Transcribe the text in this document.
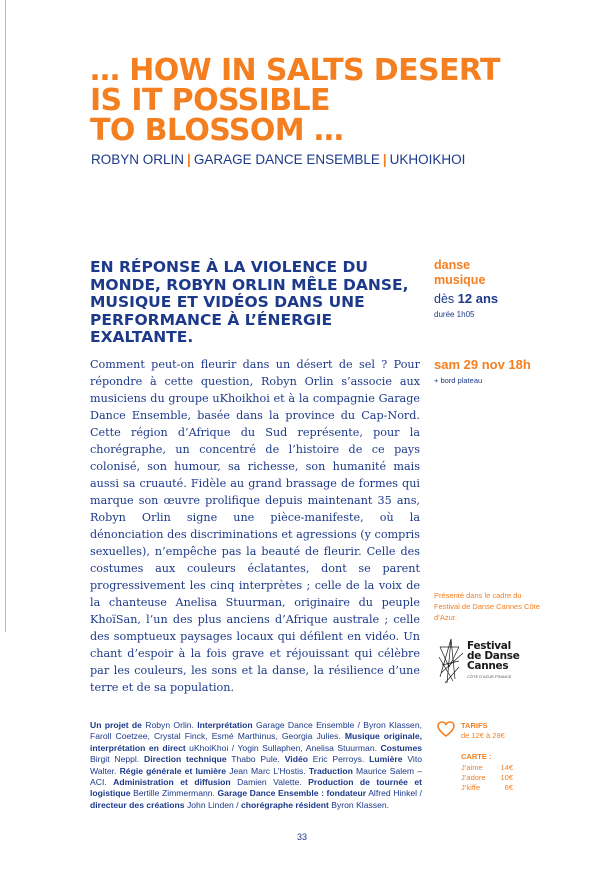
… HOW IN SALTS DESERT
IS IT POSSIBLE
TO BLOSSOM …
ROBYN ORLIN | GARAGE DANCE ENSEMBLE | UKHOIKHOI

EN RÉPONSE À LA VIOLENCE DU MONDE, ROBYN ORLIN MÊLE DANSE, MUSIQUE ET VIDÉOS DANS UNE PERFORMANCE À L’ÉNERGIE EXALTANTE.

Comment peut-on fleurir dans un désert de sel ? Pour répondre à cette question, Robyn Orlin s’associe aux musiciens du groupe uKhoikhoi et à la compagnie Garage Dance Ensemble, basée dans la province du Cap-Nord. Cette région d’Afrique du Sud représente, pour la chorégraphe, un concentré de l’histoire de ce pays colonisé, son humour, sa richesse, son humanité mais aussi sa cruauté. Fidèle au grand brassage de formes qui marque son œuvre prolifique depuis maintenant 35 ans, Robyn Orlin signe une pièce-manifeste, où la dénonciation des discriminations et agressions (y compris sexuelles), n’empêche pas la beauté de fleurir. Celle des costumes aux couleurs éclatantes, dont se parent progressivement les cinq interprètes ; celle de la voix de la chanteuse Anelisa Stuurman, originaire du peuple KhoïSan, l’un des plus anciens d’Afrique australe ; celle des somptueux paysages locaux qui défilent en vidéo. Un chant d’espoir à la fois grave et réjouissant qui célèbre par les couleurs, les sons et la danse, la résilience d’une terre et de sa population.

danse
musique
dès 12 ans
durée 1h05
sam 29 nov 18h
+ bord plateau
Présenté dans le cadre du Festival de Danse Cannes Côte d’Azur.
Festival
de Danse
Cannes
CÔTE D’AZUR FRANCE

Un projet de Robyn Orlin. Interprétation Garage Dance Ensemble / Byron Klassen, Faroll Coetzee, Crystal Finck, Esmé Marthinus, Georgia Julies. Musique originale, interprétation en direct uKhoiKhoi / Yogin Sullaphen, Anelisa Stuurman. Costumes Birgit Neppl. Direction technique Thabo Pule. Vidéo Eric Perroys. Lumière Vito Walter. Régie générale et lumière Jean Marc L’Hostis. Traduction Maurice Salem – ACI. Administration et diffusion Damien Valette. Production de tournée et logistique Bertille Zimmermann. Garage Dance Ensemble : fondateur Alfred Hinkel / directeur des créations John Linden / chorégraphe résident Byron Klassen.

TARIFS
de 12€ à 28€
CARTE :
J’aime 14€
J’adore 10€
J’kiffe	6€
33
